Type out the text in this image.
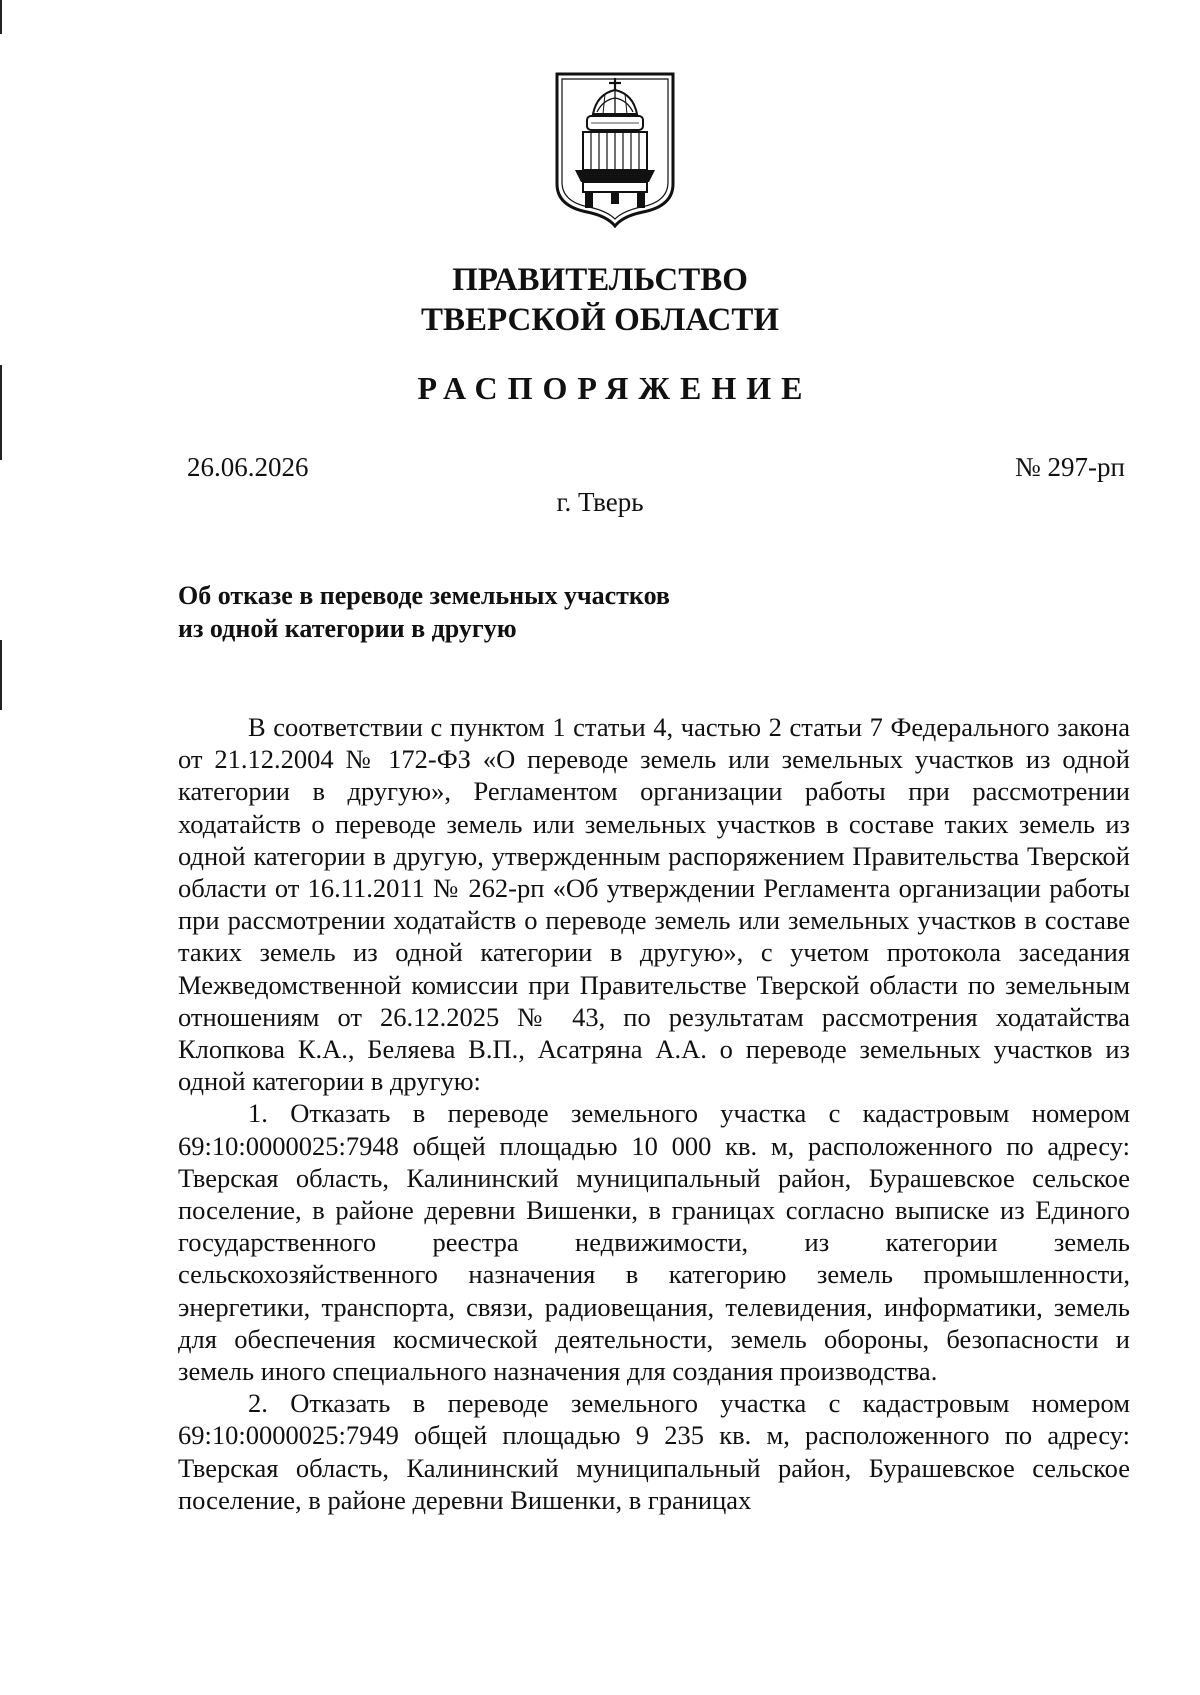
ПРАВИТЕЛЬСТВО
ТВЕРСКОЙ ОБЛАСТИ
РАСПОРЯЖЕНИЕ
26.06.2026	№ 297-рп
г. Тверь
Об отказе в переводе земельных участков
из одной категории в другую

В соответствии с пунктом 1 статьи 4, частью 2 статьи 7 Федерального закона от 21.12.2004 № 172-ФЗ «О переводе земель или земельных участков из одной категории в другую», Регламентом организации работы при рассмотрении ходатайств о переводе земель или земельных участков в составе таких земель из одной категории в другую, утвержденным распоряжением Правительства Тверской области от 16.11.2011 № 262-рп «Об утверждении Регламента организации работы при рассмотрении ходатайств о переводе земель или земельных участков в составе таких земель из одной категории в другую», с учетом протокола заседания Межведомственной комиссии при Правительстве Тверской области по земельным отношениям от 26.12.2025 № 43, по результатам рассмотрения ходатайства Клопкова К.А., Беляева В.П., Асатряна А.А. о переводе земельных участков из одной категории в другую:

1. Отказать в переводе земельного участка с кадастровым номером 69:10:0000025:7948 общей площадью 10 000 кв. м, расположенного по адресу: Тверская область, Калининский муниципальный район, Бурашевское сельское поселение, в районе деревни Вишенки, в границах согласно выписке из Единого государственного реестра недвижимости, из категории земель сельскохозяйственного назначения в категорию земель промышленности, энергетики, транспорта, связи, радиовещания, телевидения, информатики, земель для обеспечения космической деятельности, земель обороны, безопасности и земель иного специального назначения для создания производства.

2. Отказать в переводе земельного участка с кадастровым номером 69:10:0000025:7949 общей площадью 9 235 кв. м, расположенного по адресу: Тверская область, Калининский муниципальный район, Бурашевское сельское поселение, в районе деревни Вишенки, в границах
